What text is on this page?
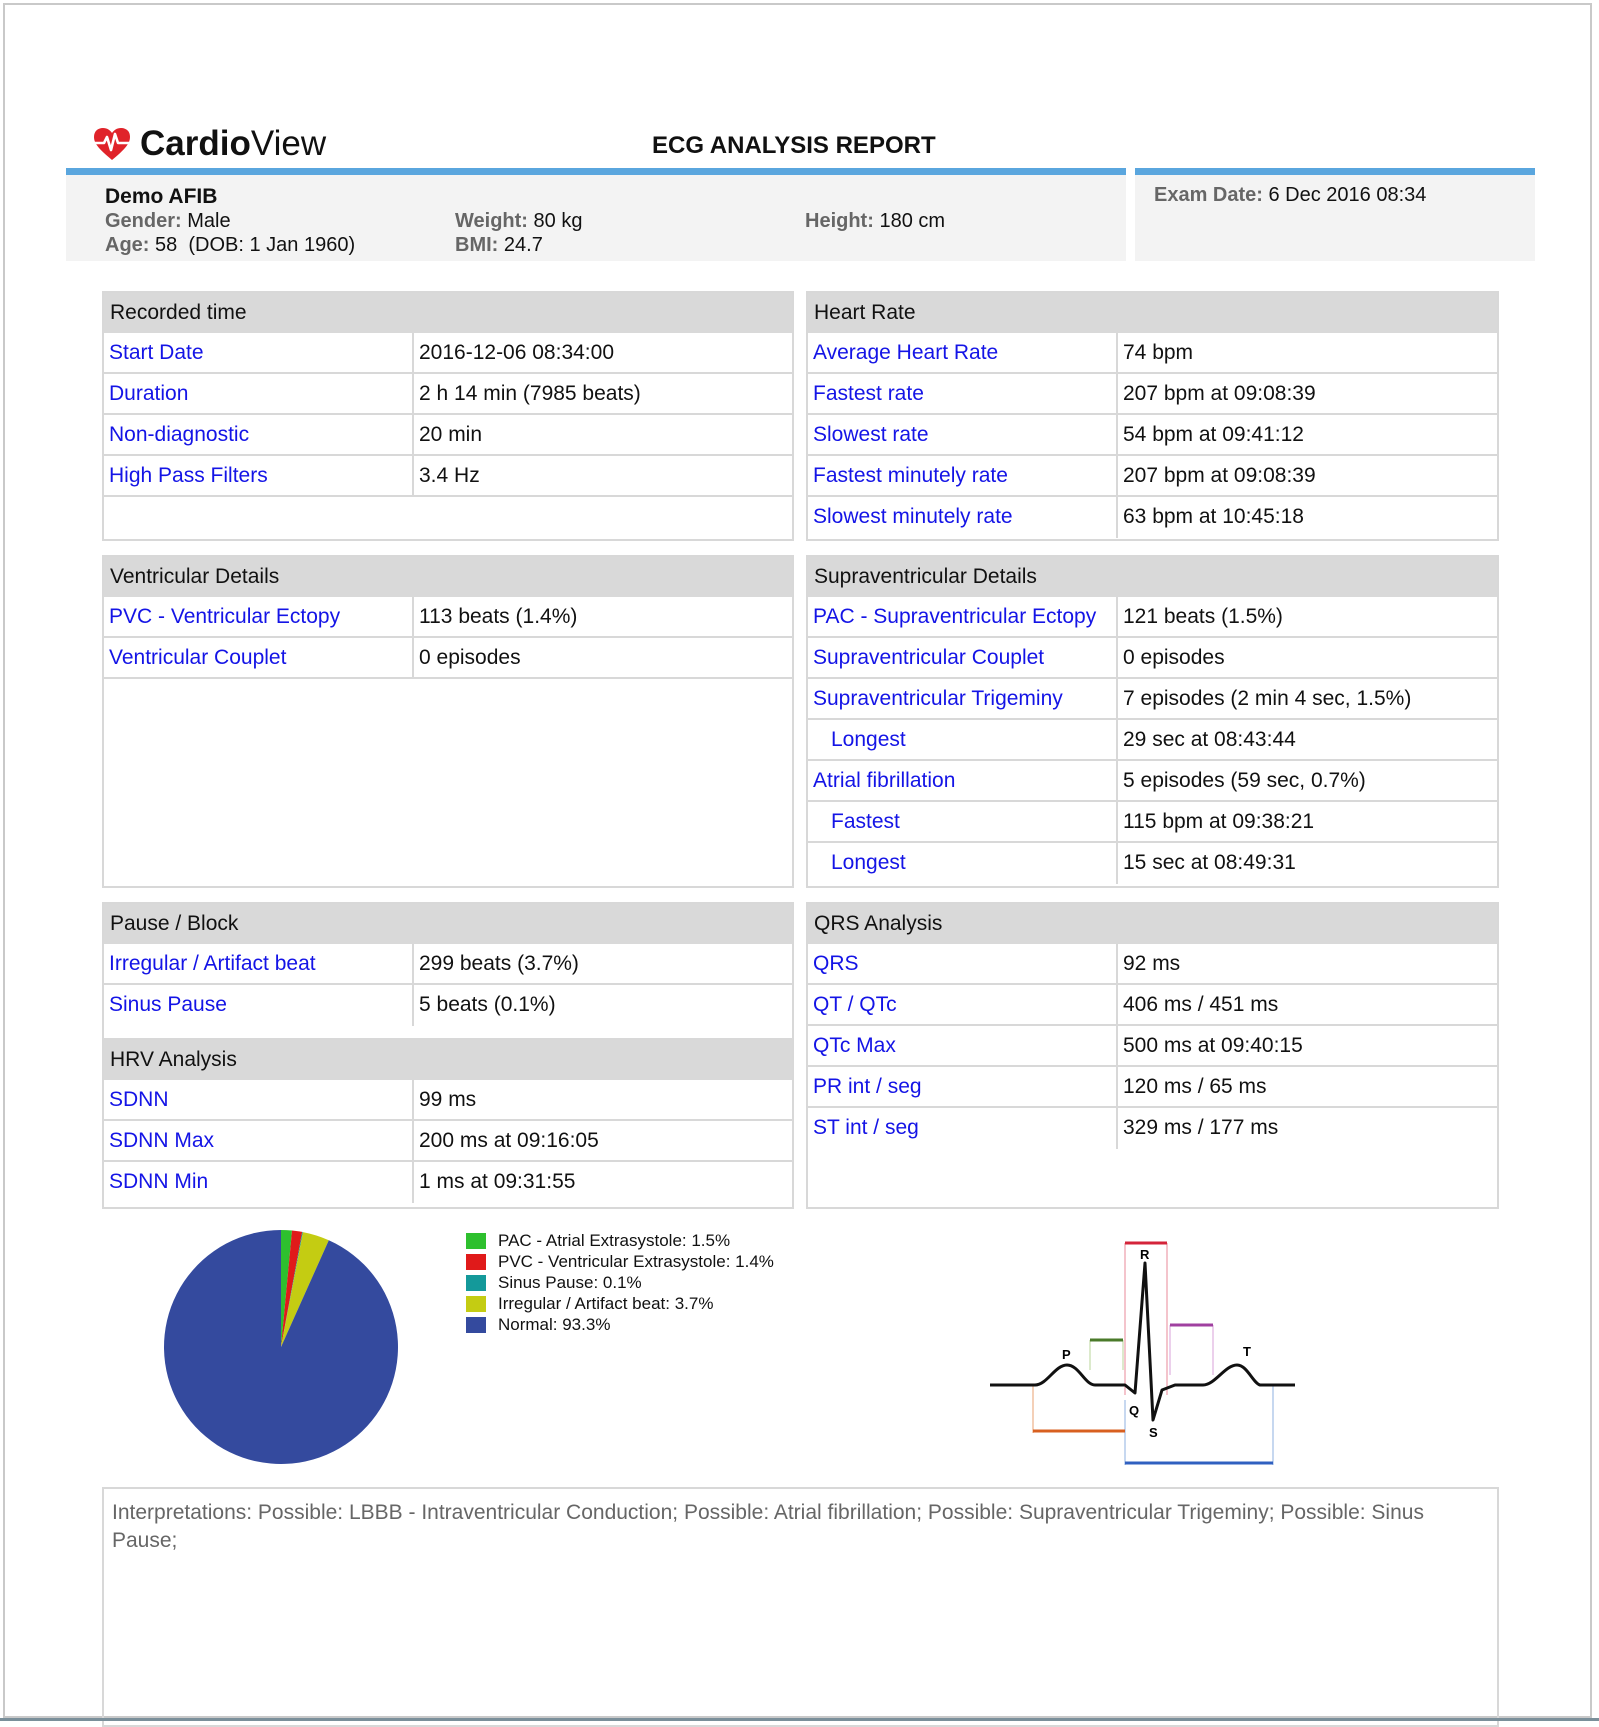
CardioView	ECG ANALYSIS REPORT
Demo AFIB
Gender: Male
Age: 58  (DOB: 1 Jan 1960)
Weight: 80 kg
BMI: 24.7
Height: 180 cm
Exam Date: 6 Dec 2016 08:34
Recorded time
Start Date	2016-12-06 08:34:00
Duration	2 h 14 min (7985 beats)
Non-diagnostic	20 min
High Pass Filters	3.4 Hz
Heart Rate
Average Heart Rate	74 bpm
Fastest rate	207 bpm at 09:08:39
Slowest rate	54 bpm at 09:41:12
Fastest minutely rate	207 bpm at 09:08:39
Slowest minutely rate	63 bpm at 10:45:18
Ventricular Details
PVC - Ventricular Ectopy	113 beats (1.4%)
Ventricular Couplet	0 episodes
Supraventricular Details
PAC - Supraventricular Ectopy	121 beats (1.5%)
Supraventricular Couplet	0 episodes
Supraventricular Trigeminy	7 episodes (2 min 4 sec, 1.5%)
Longest	29 sec at 08:43:44
Atrial fibrillation	5 episodes (59 sec, 0.7%)
Fastest	115 bpm at 09:38:21
Longest	15 sec at 08:49:31
Pause / Block
Irregular / Artifact beat	299 beats (3.7%)
Sinus Pause	5 beats (0.1%)
HRV Analysis
SDNN	99 ms
SDNN Max	200 ms at 09:16:05
SDNN Min	1 ms at 09:31:55
QRS Analysis
QRS	92 ms
QT / QTc	406 ms / 451 ms
QTc Max	500 ms at 09:40:15
PR int / seg	120 ms / 65 ms
ST int / seg	329 ms / 177 ms
PAC - Atrial Extrasystole: 1.5%
PVC - Ventricular Extrasystole: 1.4%
Sinus Pause: 0.1%
Irregular / Artifact beat: 3.7%
Normal: 93.3%
R
P
Q
S
T
Interpretations: Possible: LBBB - Intraventricular Conduction; Possible: Atrial fibrillation; Possible: Supraventricular Trigeminy; Possible: Sinus Pause;
